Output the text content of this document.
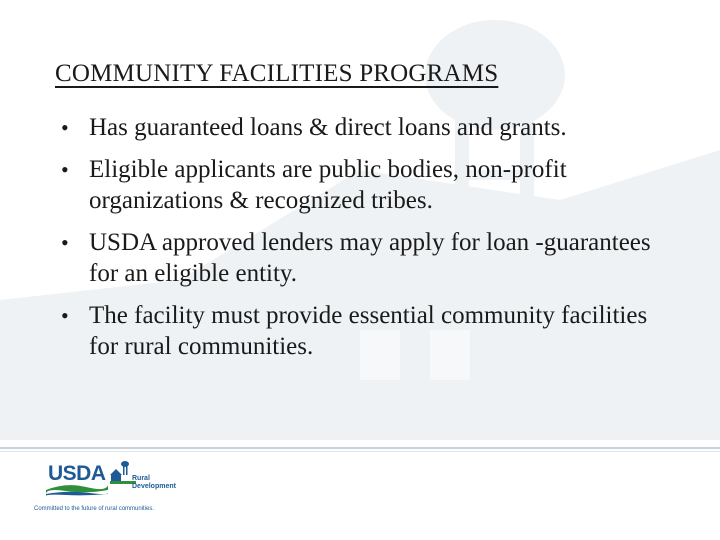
COMMUNITY FACILITIES PROGRAMS
• Has guaranteed loans & direct loans and grants.
• Eligible applicants are public bodies, non-profit organizations & recognized tribes.
• USDA approved lenders may apply for loan -guarantees for an eligible entity.
• The facility must provide essential community facilities for rural communities.
USDA	Rural
Development
Committed to the future of rural communities.
